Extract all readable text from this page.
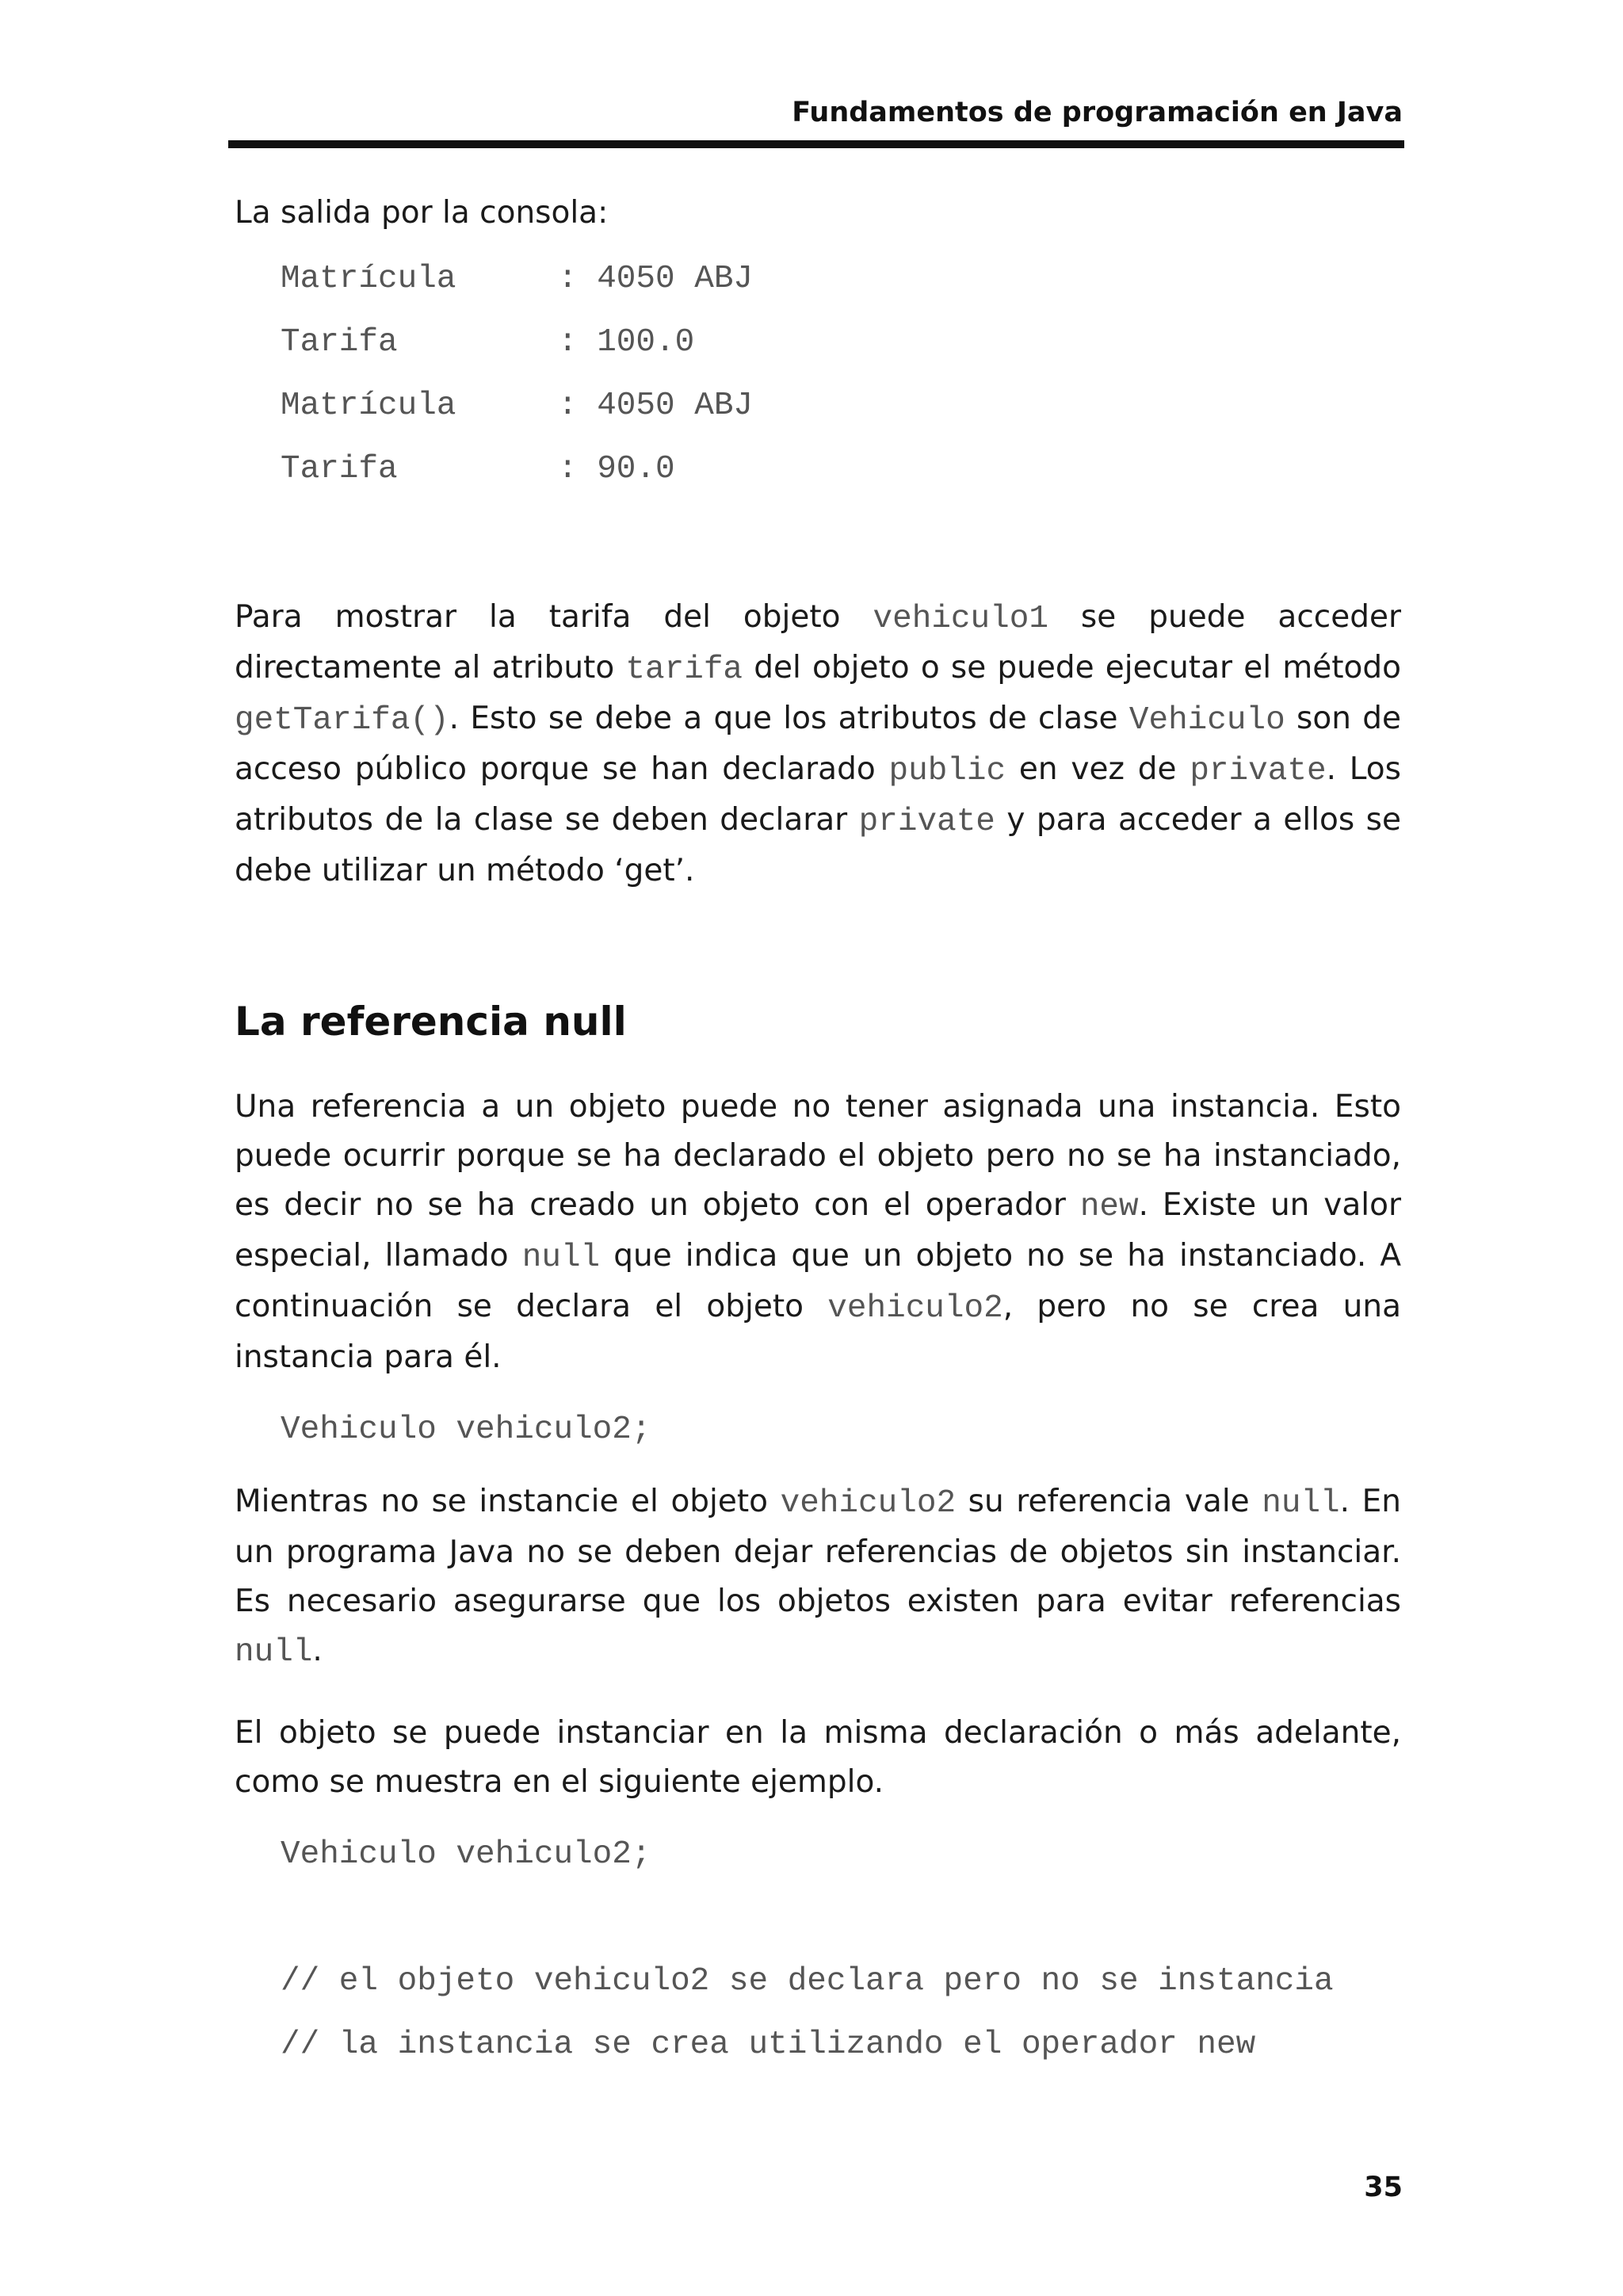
Fundamentos de programación en Java

La salida por la consola:

Matrícula	: 4050 ABJ
Tarifa	: 100.0
Matrícula	: 4050 ABJ
Tarifa	: 90.0

Para mostrar la tarifa del objeto vehiculo1 se puede acceder directamente al atributo tarifa del objeto o se puede ejecutar el método getTarifa(). Esto se debe a que los atributos de clase Vehiculo son de acceso público porque se han declarado public en vez de private. Los atributos de la clase se deben declarar private y para acceder a ellos se debe utilizar un método ‘get’.

La referencia null

Una referencia a un objeto puede no tener asignada una instancia. Esto puede ocurrir porque se ha declarado el objeto pero no se ha instanciado, es decir no se ha creado un objeto con el operador new. Existe un valor especial, llamado null que indica que un objeto no se ha instanciado. A continuación se declara el objeto vehiculo2, pero no se crea una instancia para él.

Vehiculo vehiculo2;

Mientras no se instancie el objeto vehiculo2 su referencia vale null. En un programa Java no se deben dejar referencias de objetos sin instanciar. Es necesario asegurarse que los objetos existen para evitar referencias null.

El objeto se puede instanciar en la misma declaración o más adelante, como se muestra en el siguiente ejemplo.

Vehiculo vehiculo2;
// el objeto vehiculo2 se declara pero no se instancia
// la instancia se crea utilizando el operador new
35
